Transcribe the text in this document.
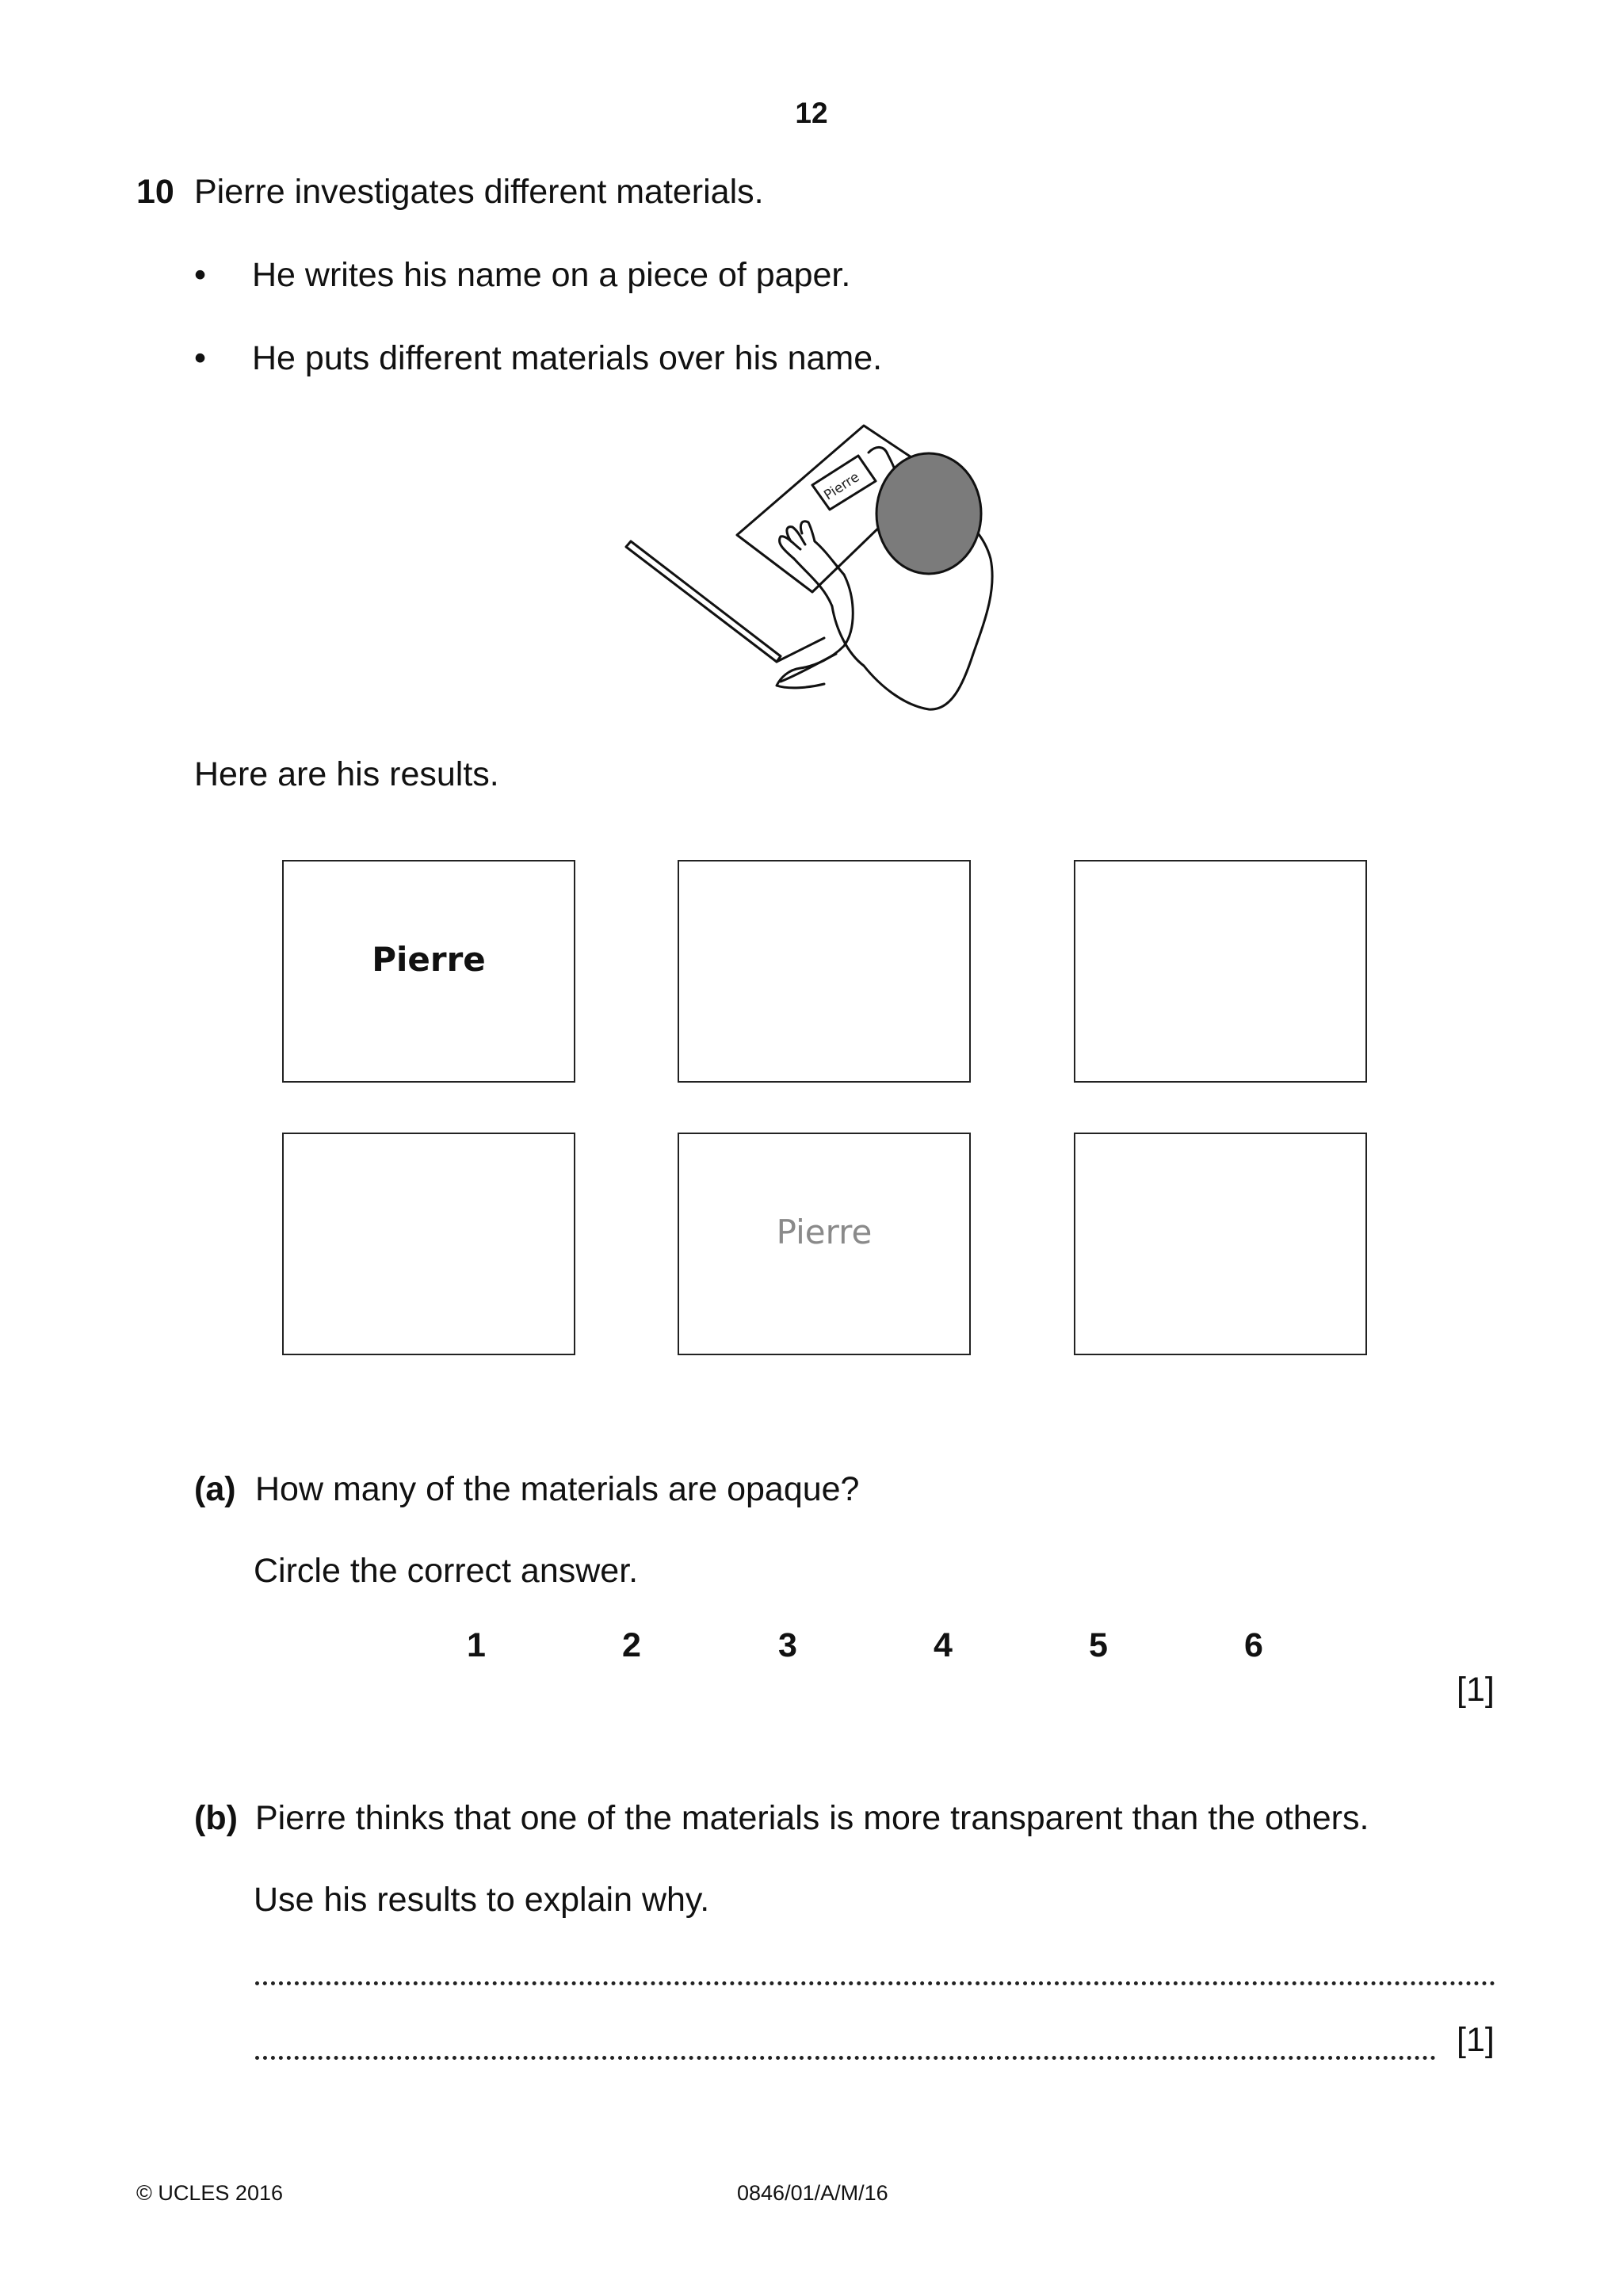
12
10 Pierre investigates different materials.
• He writes his name on a piece of paper.
• He puts different materials over his name.
Pierre
Here are his results.
Pierre
Pierre
(a) How many of the materials are opaque?
Circle the correct answer.
1	2	3	4	5	6
[1]
(b) Pierre thinks that one of the materials is more transparent than the others.
Use his results to explain why.
[1]
© UCLES 2016	0846/01/A/M/16
